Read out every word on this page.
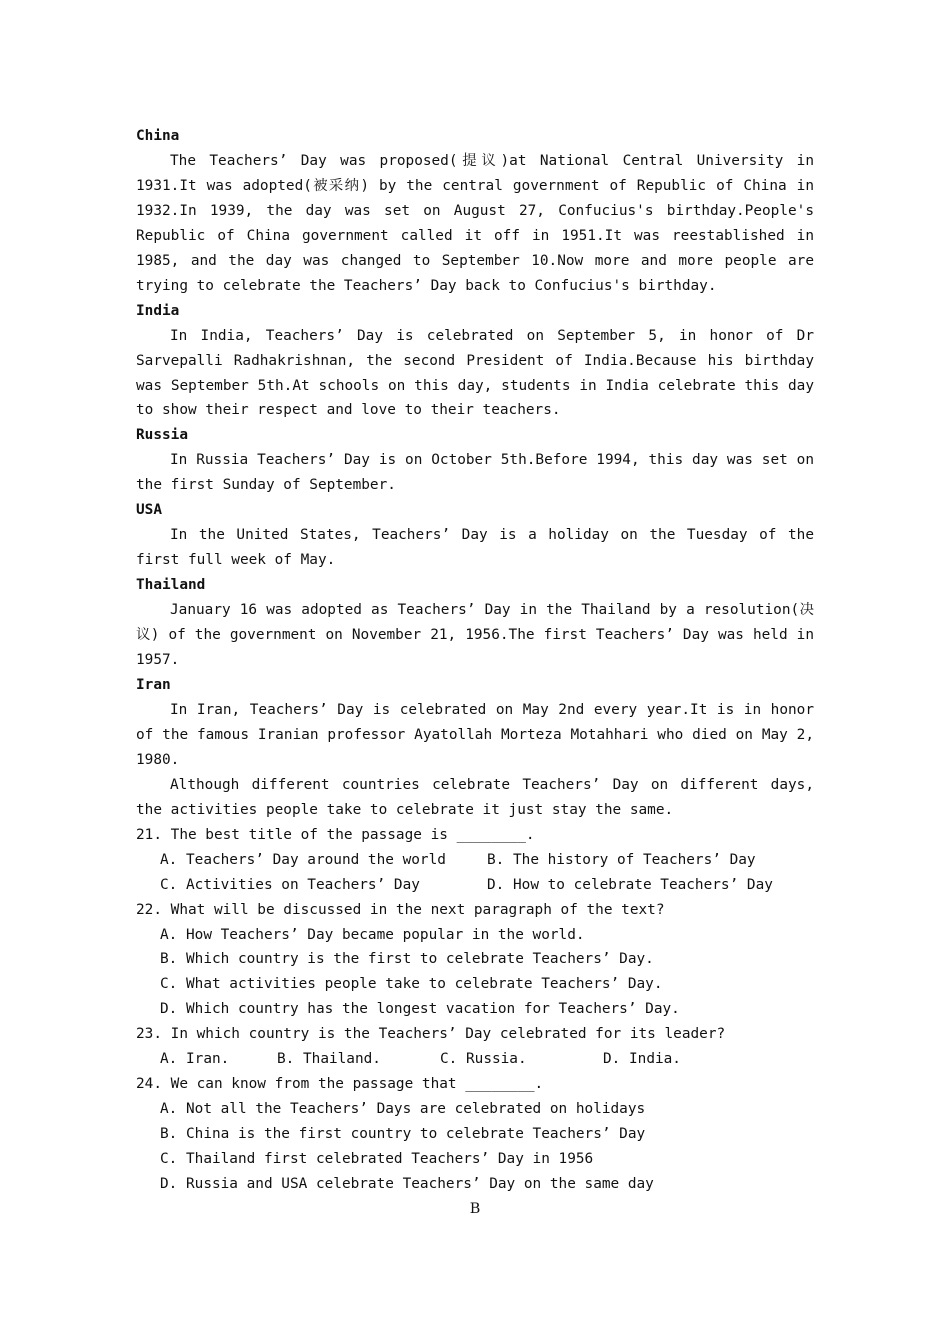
China
The Teachers’ Day was proposed(提议)at National Central University in 1931.It was adopted(被采纳) by the central government of Republic of China in 1932.In 1939, the day was set on August 27, Confucius's birthday.People's Republic of China government called it off in 1951.It was reestablished in 1985, and the day was changed to September 10.Now more and more people are trying to celebrate the Teachers’ Day back to Confucius's birthday.
India
In India, Teachers’ Day is celebrated on September 5, in honor of Dr Sarvepalli Radhakrishnan, the second President of India.Because his birthday was September 5th.At schools on this day, students in India celebrate this day to show their respect and love to their teachers.
Russia
In Russia Teachers’ Day is on October 5th.Before 1994, this day was set on the first Sunday of September.
USA
In the United States, Teachers’ Day is a holiday on the Tuesday of the first full week of May.
Thailand
January 16 was adopted as Teachers’ Day in the Thailand by a resolution(决议) of the government on November 21, 1956.The first Teachers’ Day was held in 1957.
Iran
In Iran, Teachers’ Day is celebrated on May 2nd every year.It is in honor of the famous Iranian professor Ayatollah Morteza Motahhari who died on May 2, 1980.
Although different countries celebrate Teachers’ Day on different days, the activities people take to celebrate it just stay the same.
21. The best title of the passage is ________.
A. Teachers’ Day around the world	B. The history of Teachers’ Day
C. Activities on Teachers’ Day	D. How to celebrate Teachers’ Day
22. What will be discussed in the next paragraph of the text?
A. How Teachers’ Day became popular in the world.
B. Which country is the first to celebrate Teachers’ Day.
C. What activities people take to celebrate Teachers’ Day.
D. Which country has the longest vacation for Teachers’ Day.
23. In which country is the Teachers’ Day celebrated for its leader?
A. Iran.	B. Thailand.	C. Russia.	D. India.
24. We can know from the passage that ________.
A. Not all the Teachers’ Days are celebrated on holidays
B. China is the first country to celebrate Teachers’ Day
C. Thailand first celebrated Teachers’ Day in 1956
D. Russia and USA celebrate Teachers’ Day on the same day
B
